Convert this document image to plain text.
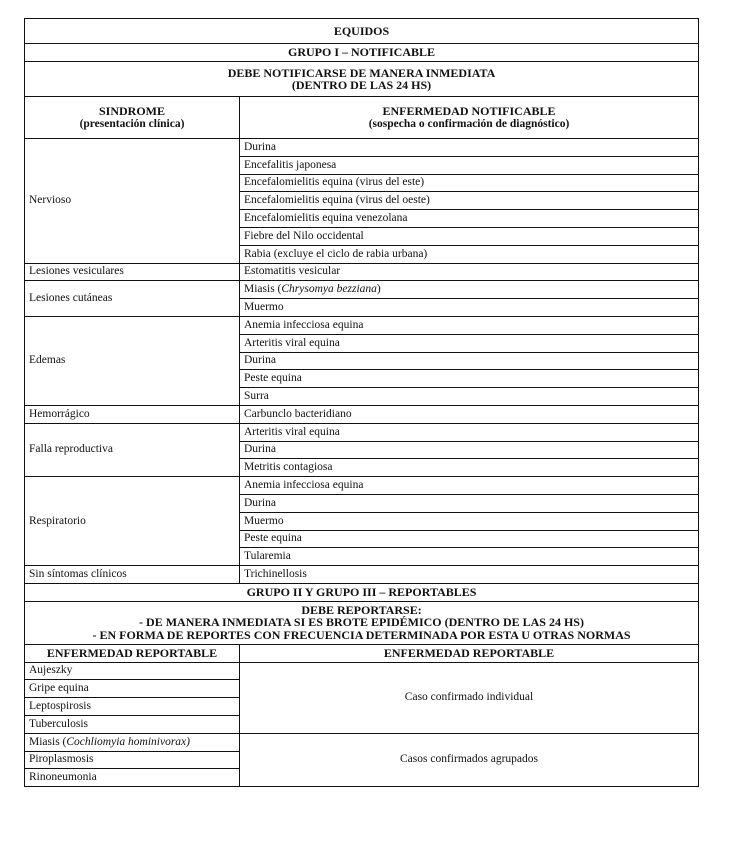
EQUIDOS	
GRUPO I – NOTIFICABLE	

DEBE NOTIFICARSE DE MANERA INMEDIATA
(DENTRO DE LAS 24 HS)	

SINDROME
(presentación clínica)

ENFERMEDAD NOTIFICABLE
(sospecha o confirmación de diagnóstico)

Nervioso	Durina
	Encefalitis japonesa
	Encefalomielitis equina (virus del este)
	Encefalomielitis equina (virus del oeste)
	Encefalomielitis equina venezolana
	Fiebre del Nilo occidental
	Rabia (excluye el ciclo de rabia urbana)
Lesiones vesiculares	Estomatitis vesicular
Lesiones cutáneas	Miasis (Chrysomya bezziana)
	Muermo
Edemas	Anemia infecciosa equina
	Arteritis viral equina
	Durina
	Peste equina
	Surra
Hemorrágico	Carbunclo bacteridiano
Falla reproductiva	Arteritis viral equina
	Durina
	Metritis contagiosa
Respiratorio	Anemia infecciosa equina
	Durina
	Muermo
	Peste equina
	Tularemia
Sin síntomas clínicos	Trichinellosis
GRUPO II Y GRUPO III – REPORTABLES	

DEBE REPORTARSE:
- DE MANERA INMEDIATA SI ES BROTE EPIDÉMICO (DENTRO DE LAS 24 HS)
- EN FORMA DE REPORTES CON FRECUENCIA DETERMINADA POR ESTA U OTRAS NORMAS	

ENFERMEDAD REPORTABLE	ENFERMEDAD REPORTABLE
Aujeszky	Caso confirmado individual
Gripe equina	
Leptospirosis	
Tuberculosis	
Miasis (Cochliomyia hominivorax)	Casos confirmados agrupados
Piroplasmosis	
Rinoneumonia	
